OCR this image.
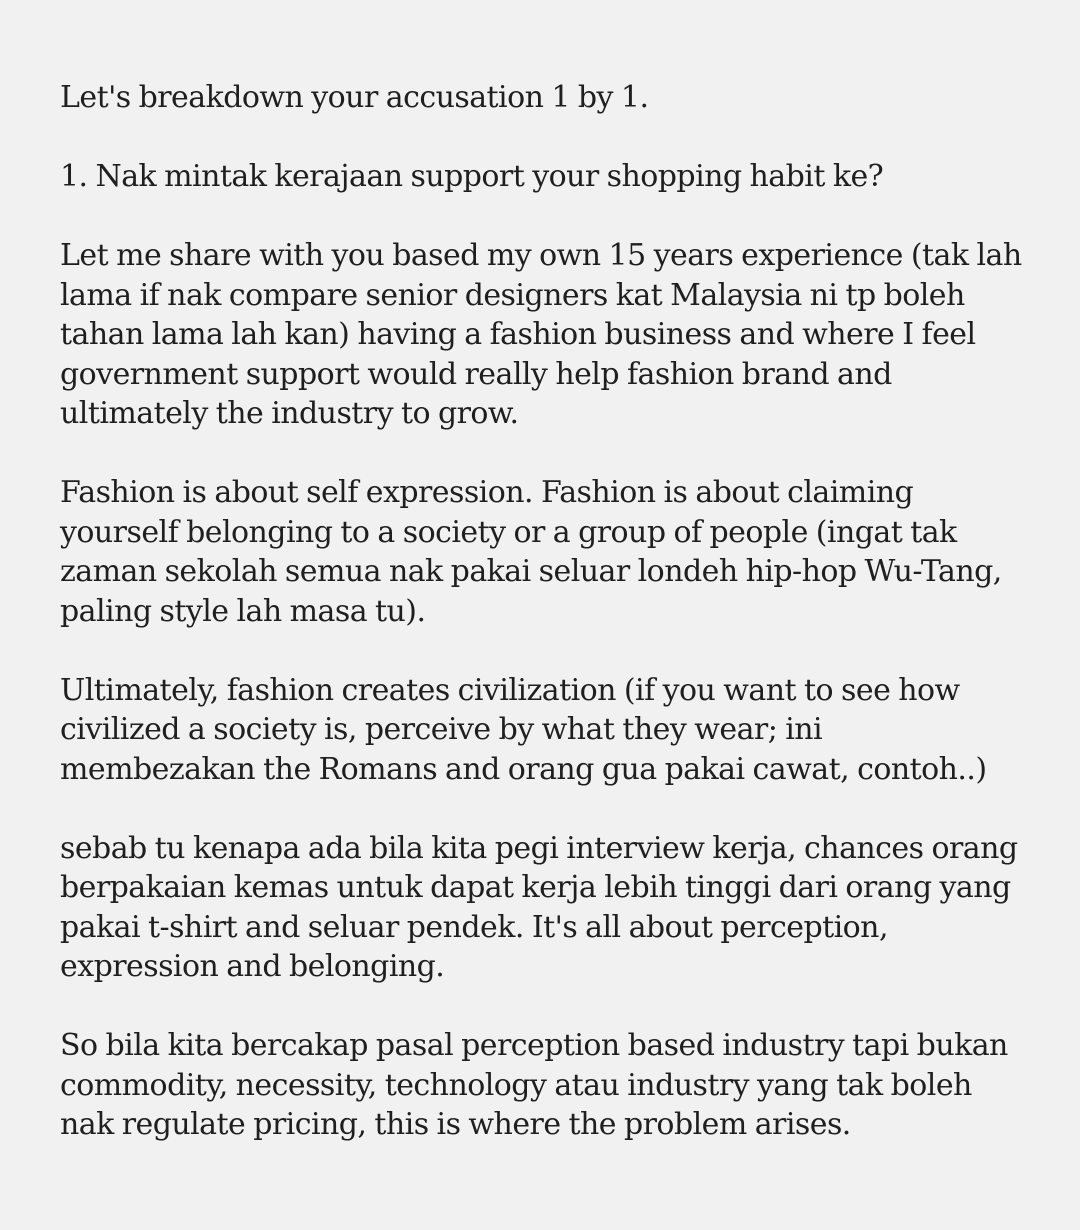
Let's breakdown your accusation 1 by 1.

1. Nak mintak kerajaan support your shopping habit ke?

Let me share with you based my own 15 years experience (tak lah
lama if nak compare senior designers kat Malaysia ni tp boleh
tahan lama lah kan) having a fashion business and where I feel
government support would really help fashion brand and
ultimately the industry to grow.

Fashion is about self expression. Fashion is about claiming
yourself belonging to a society or a group of people (ingat tak
zaman sekolah semua nak pakai seluar londeh hip-hop Wu-Tang,
paling style lah masa tu).

Ultimately, fashion creates civilization (if you want to see how
civilized a society is, perceive by what they wear; ini
membezakan the Romans and orang gua pakai cawat, contoh..)

sebab tu kenapa ada bila kita pegi interview kerja, chances orang
berpakaian kemas untuk dapat kerja lebih tinggi dari orang yang
pakai t-shirt and seluar pendek. It's all about perception,
expression and belonging.

So bila kita bercakap pasal perception based industry tapi bukan
commodity, necessity, technology atau industry yang tak boleh
nak regulate pricing, this is where the problem arises.
